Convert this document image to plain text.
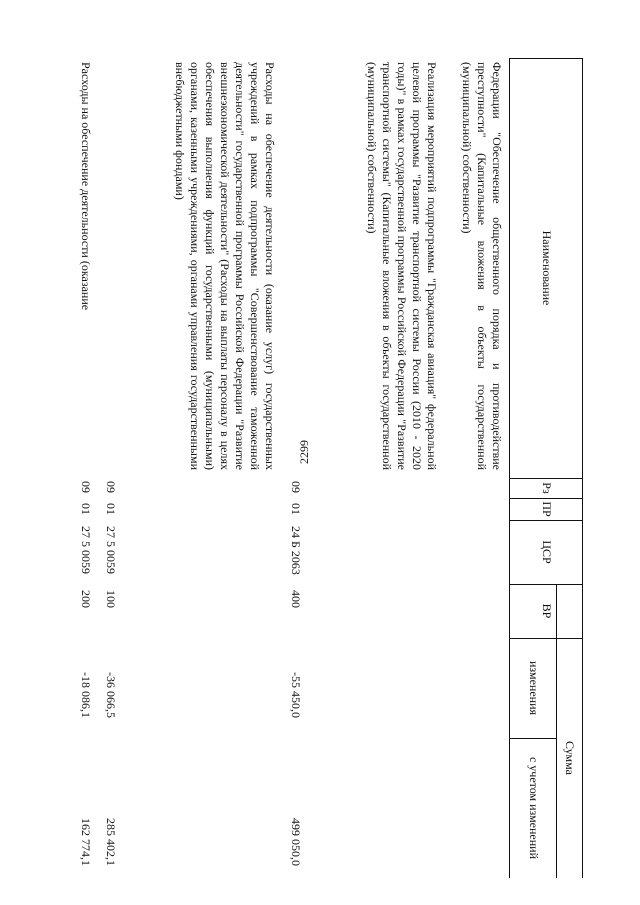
2299
Наименование
Рз
ПР
ЦСР
ВР
Сумма
изменения
с учетом изменений
Федерации "Обеспечение общественного порядка и противодействие преступности" (Капитальные вложения в объекты государственной (муниципальной) собственности)
Реализация мероприятий подпрограммы "Гражданская авиация" федеральной целевой программы "Развитие транспортной системы России (2010 - 2020 годы)" в рамках государственной программы Российской Федерации "Развитие транспортной системы" (Капитальные вложения в объекты государственной (муниципальной) собственности)
09
01
24 Б 2063
400
-55 450,0
499 050,0
Расходы на обеспечение деятельности (оказание услуг) государственных учреждений в рамках подпрограммы "Совершенствование таможенной деятельности" государственной программы Российской Федерации "Развитие внешнеэкономической деятельности" (Расходы на выплаты персоналу в целях обеспечения выполнения функций государственными (муниципальными) органами, казенными учреждениями, органами управления государственными внебюджетными фондами)
09
01
27 5 0059
100
-36 066,5
285 402,1
Расходы на обеспечение деятельности (оказание
09
01
27 5 0059
200
-18 086,1
162 774,1
